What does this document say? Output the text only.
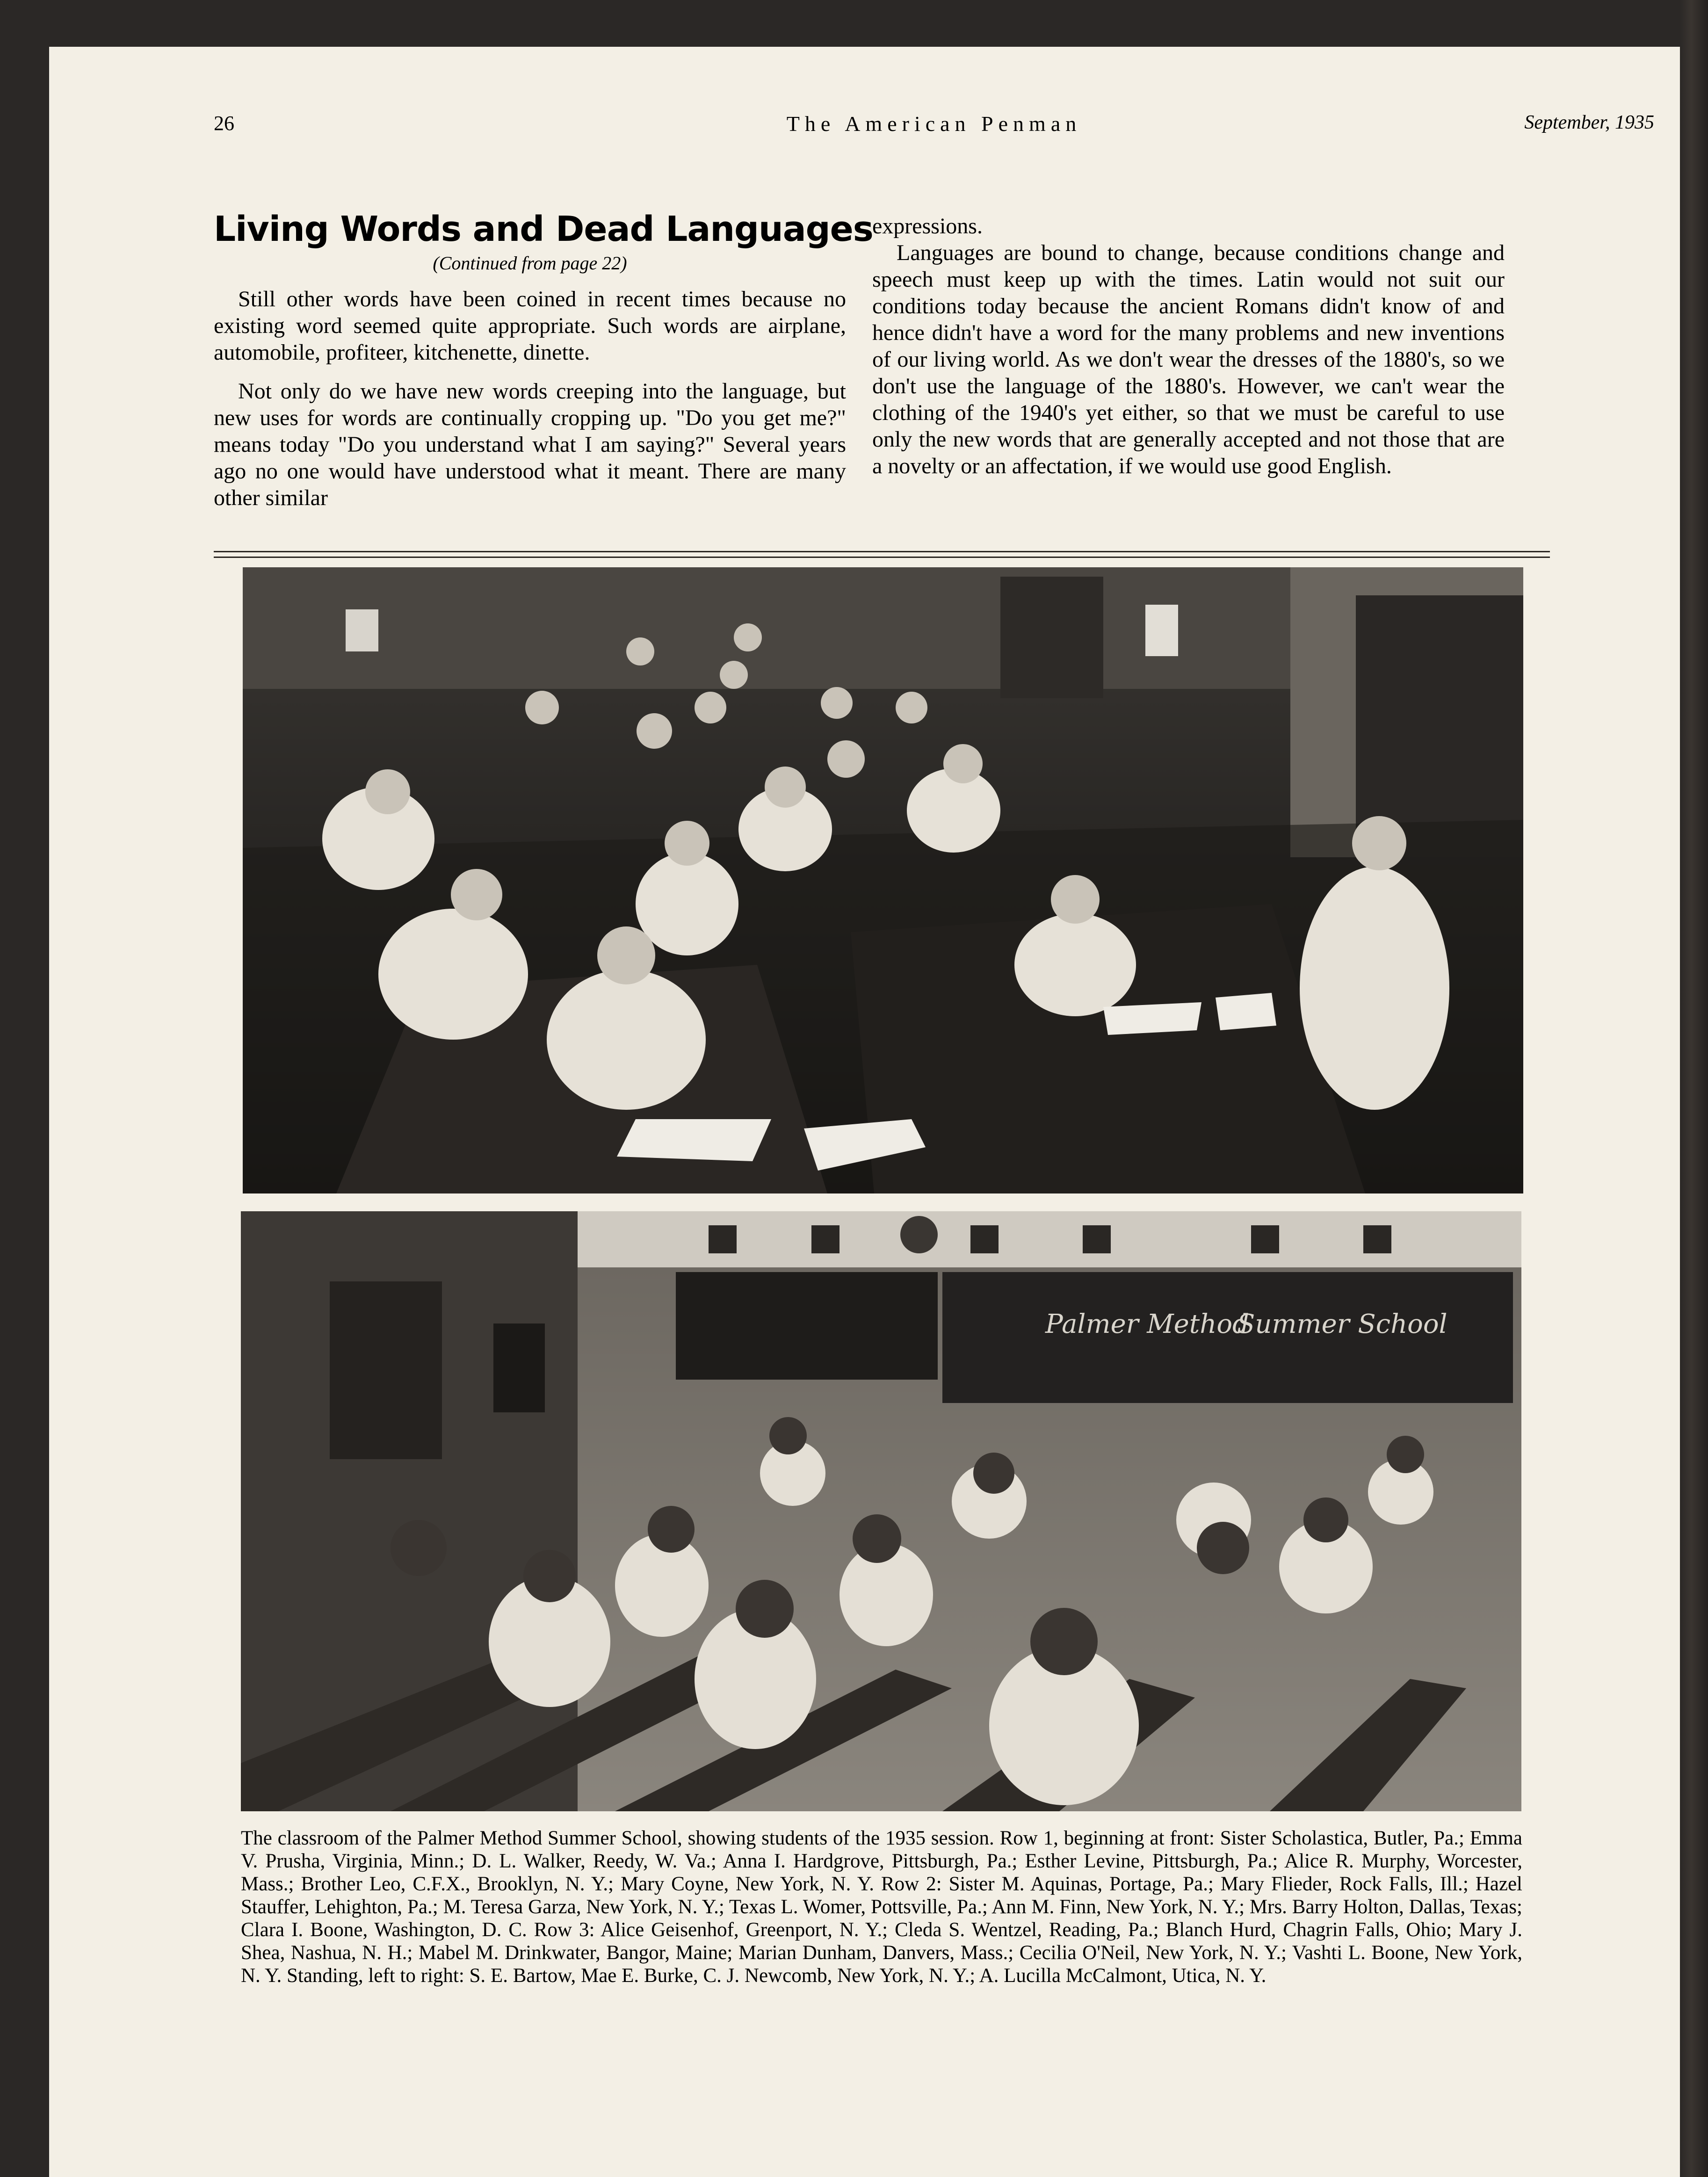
26	The American Penman	September, 1935
Living Words and Dead Languages
(Continued from page 22)

Still other words have been coined in recent times because no existing word seemed quite appropriate. Such words are airplane, automobile, profiteer, kitchenette, dinette.

Not only do we have new words creeping into the language, but new uses for words are continually cropping up. "Do you get me?" means today "Do you understand what I am saying?" Several years ago no one would have understood what it meant. There are many other similar

expressions.

Languages are bound to change, because conditions change and speech must keep up with the times. Latin would not suit our conditions today because the ancient Romans didn't know of and hence didn't have a word for the many problems and new inventions of our living world. As we don't wear the dresses of the 1880's, so we don't use the language of the 1880's. However, we can't wear the clothing of the 1940's yet either, so that we must be careful to use only the new words that are generally accepted and not those that are a novelty or an affectation, if we would use good English.

Palmer Method
Summer School
The classroom of the Palmer Method Summer School, showing students of the 1935 session. Row 1, beginning at front: Sister Scholastica, Butler, Pa.; Emma V. Prusha, Virginia, Minn.; D. L. Walker, Reedy, W. Va.; Anna I. Hardgrove, Pittsburgh, Pa.; Esther Levine, Pittsburgh, Pa.; Alice R. Murphy, Worcester, Mass.; Brother Leo, C.F.X., Brooklyn, N. Y.; Mary Coyne, New York, N. Y. Row 2: Sister M. Aquinas, Portage, Pa.; Mary Flieder, Rock Falls, Ill.; Hazel Stauffer, Lehighton, Pa.; M. Teresa Garza, New York, N. Y.; Texas L. Womer, Pottsville, Pa.; Ann M. Finn, New York, N. Y.; Mrs. Barry Holton, Dallas, Texas; Clara I. Boone, Washington, D. C. Row 3: Alice Geisenhof, Greenport, N. Y.; Cleda S. Wentzel, Reading, Pa.; Blanch Hurd, Chagrin Falls, Ohio; Mary J. Shea, Nashua, N. H.; Mabel M. Drinkwater, Bangor, Maine; Marian Dunham, Danvers, Mass.; Cecilia O'Neil, New York, N. Y.; Vashti L. Boone, New York, N. Y. Standing, left to right: S. E. Bartow, Mae E. Burke, C. J. Newcomb, New York, N. Y.; A. Lucilla McCalmont, Utica, N. Y.
